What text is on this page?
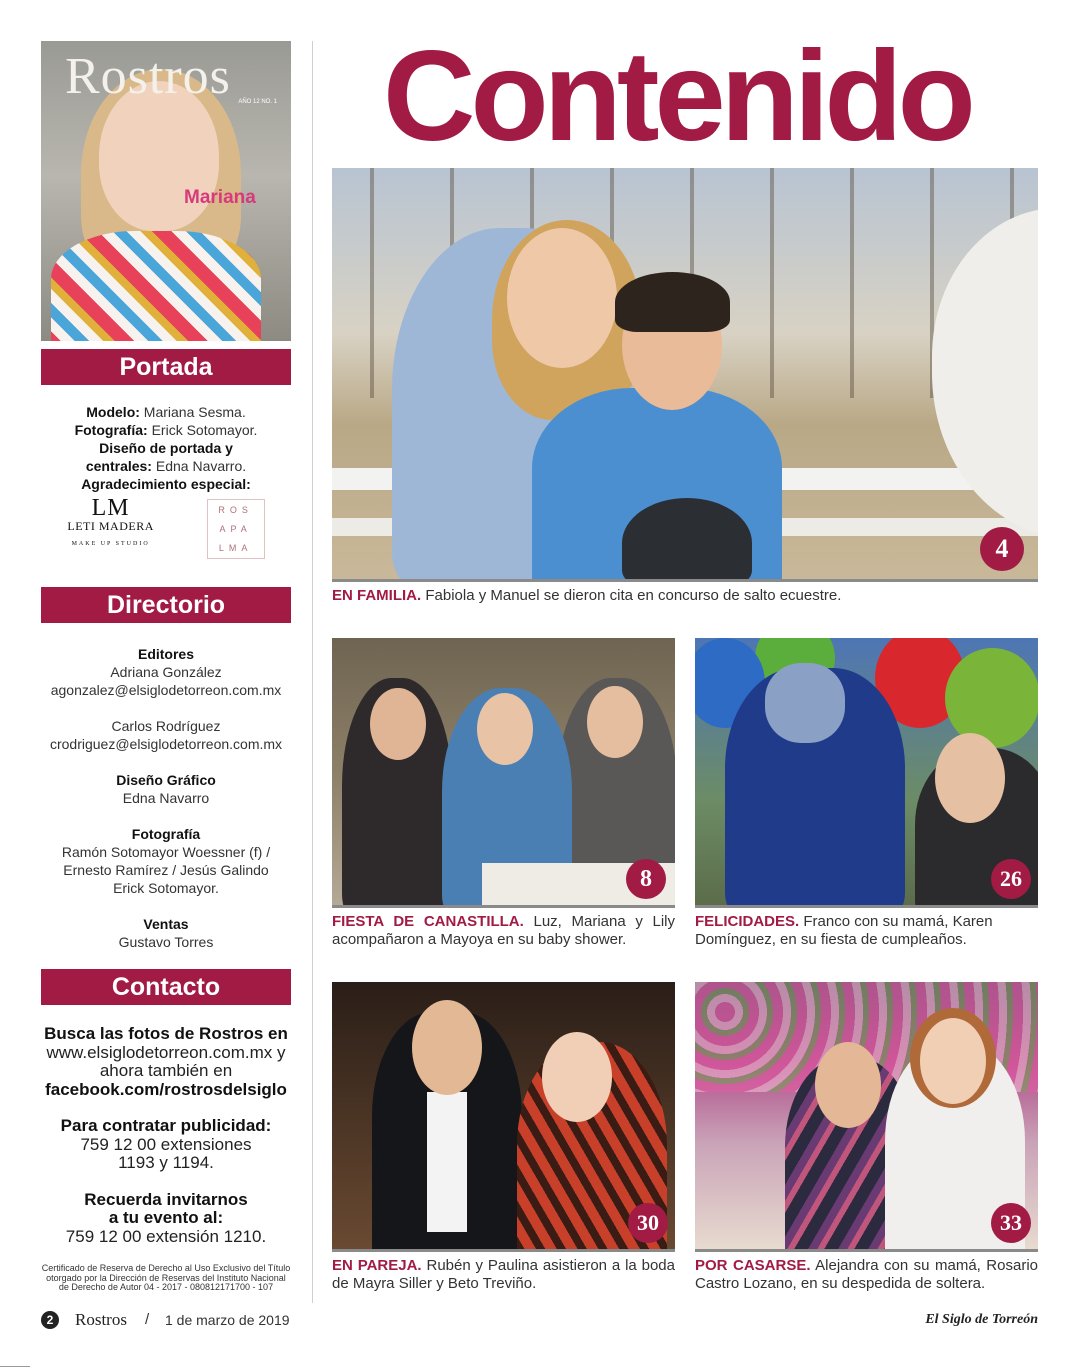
Rostros AÑO 12 NO. 1
Mariana
Portada
Modelo: Mariana Sesma.
Fotografía: Erick Sotomayor.
Diseño de portada y
centrales: Edna Navarro.
Agradecimiento especial:
LM
LETI MADERA
MAKE UP STUDIO
ROS
APA
LMA
Directorio
Editores
Adriana González
agonzalez@elsiglodetorreon.com.mx
Carlos Rodríguez
crodriguez@elsiglodetorreon.com.mx
Diseño Gráfico
Edna Navarro
Fotografía
Ramón Sotomayor Woessner (f) /
Ernesto Ramírez / Jesús Galindo
Erick Sotomayor.
Ventas
Gustavo Torres
Contacto
Busca las fotos de Rostros en
www.elsiglodetorreon.com.mx y
ahora también en
facebook.com/rostrosdelsiglo
Para contratar publicidad:
759 12 00 extensiones
1193 y 1194.
Recuerda invitarnos
a tu evento al:
759 12 00 extensión 1210.
Certificado de Reserva de Derecho al Uso Exclusivo del Título
otorgado por la Dirección de Reservas del Instituto Nacional
de Derecho de Autor 04 - 2017 - 080812171700 - 107
Contenido
4
EN FAMILIA. Fabiola y Manuel se dieron cita en concurso de salto ecuestre.
8
FIESTA DE CANASTILLA. Luz, Mariana y Lily acompañaron a Mayoya en su baby shower.
26
FELICIDADES. Franco con su mamá, Karen Domínguez, en su fiesta de cumpleaños.
30
EN PAREJA. Rubén y Paulina asistieron a la boda de Mayra Siller y Beto Treviño.
33
POR CASARSE. Alejandra con su mamá, Rosario Castro Lozano, en su despedida de soltera.
2	Rostros / 1 de marzo de 2019	El Siglo de Torreón
